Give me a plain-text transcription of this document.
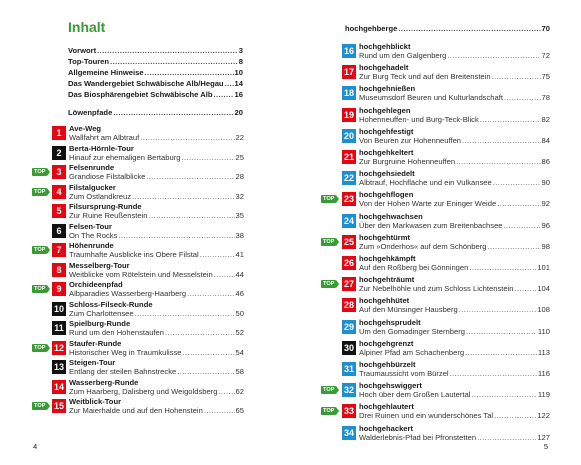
Inhalt
Vorwort .....	3
Top-Touren .....	8
Allgemeine Hinweise .....	10
Das Wandergebiet Schwäbische Alb/Hegau ..... 14
Das Biosphärengebiet Schwäbische Alb .....	16
Löwenpfade .....	20
1 Ave-Weg
Wallfahrt am Albtrauf .....	22
2 Berta-Hörnle-Tour
Hinauf zur ehemaligen Bertaburg .....	25
3
TOP	Felsenrunde
Grandiose Filstalblicke .....	28
4
TOP	Filstalgucker
Zum Ostlandkreuz .....	32
5 Filsursprung-Runde
Zur Ruine Reußenstein .....	35
6 Felsen-Tour
On The Rocks .....	38
7
TOP	Höhenrunde
Traumhafte Ausblicke ins Obere Filstal .....	41
8 Messelberg-Tour
Weitblicke vom Rötelstein und Messelstein .....	44
9
TOP	Orchideenpfad
Albparadies Wasserberg-Haarberg .....	46
10 Schloss-Filseck-Runde
Zum Charlottensee .....	50
11 Spielburg-Runde
Rund um den Hohenstaufen .....	52
12
TOP	Staufer-Runde
Historischer Weg in Traumkulisse .....	54
13 Steigen-Tour
Entlang der steilen Bahnstrecke .....	58
14 Wasserberg-Runde
Zum Haarberg, Dalisberg und Weigoldsberg ..... 62
15
TOP	Weitblick-Tour
Zur Maierhalde und auf den Hohenstein .....	65
4
hochgehberge .....	70
16 hochgehblickt
Rund um den Galgenberg .....	72
17 hochgehadelt
Zur Burg Teck und auf den Breitenstein .....	75
18 hochgehnießen
Museumsdorf Beuren und Kulturlandschaft .....	78
19 hochgehlegen
Hohenneuffen- und Burg-Teck-Blick .....	82
20 hochgehfestigt
Von Beuren zur Hohenneuffen .....	84
21 hochgehkeltert
Zur Burgruine Hohenneuffen .....	86
22 hochgehsiedelt
Albtrauf, Hochfläche und ein Vulkansee .....	90
23
TOP	hochgehflogen
Von der Hohen Warte zur Eninger Weide .....	92
24 hochgehwachsen
Über den Markwasen zum Breitenbachsee .....	96
25
TOP	hochgehtürmt
Zum »Onderhos« auf dem Schönberg .....	98
26 hochgehkämpft
Auf den Roßberg bei Gönningen .....	101
27
TOP	hochgehträumt
Zur Nebelhöhle und zum Schloss Lichtenstein .....	104
28 hochgehhütet
Auf den Münsinger Hausberg .....	108
29 hochgehsprudelt
Um den Gomadinger Sternberg .....	110
30 hochgehgrenzt
Alpiner Pfad am Schachenberg .....	113
31 hochgehbürzelt
Traumaussicht vom Bürzel .....	116
32
TOP	hochgehswiggert
Hoch über dem Großen Lautertal .....	119
33
TOP	hochgehlautert
Drei Ruinen und ein wunderschönes Tal .....	122
34 hochgehackert
Walderlebnis-Pfad bei Pfronstetten .....	127
5
